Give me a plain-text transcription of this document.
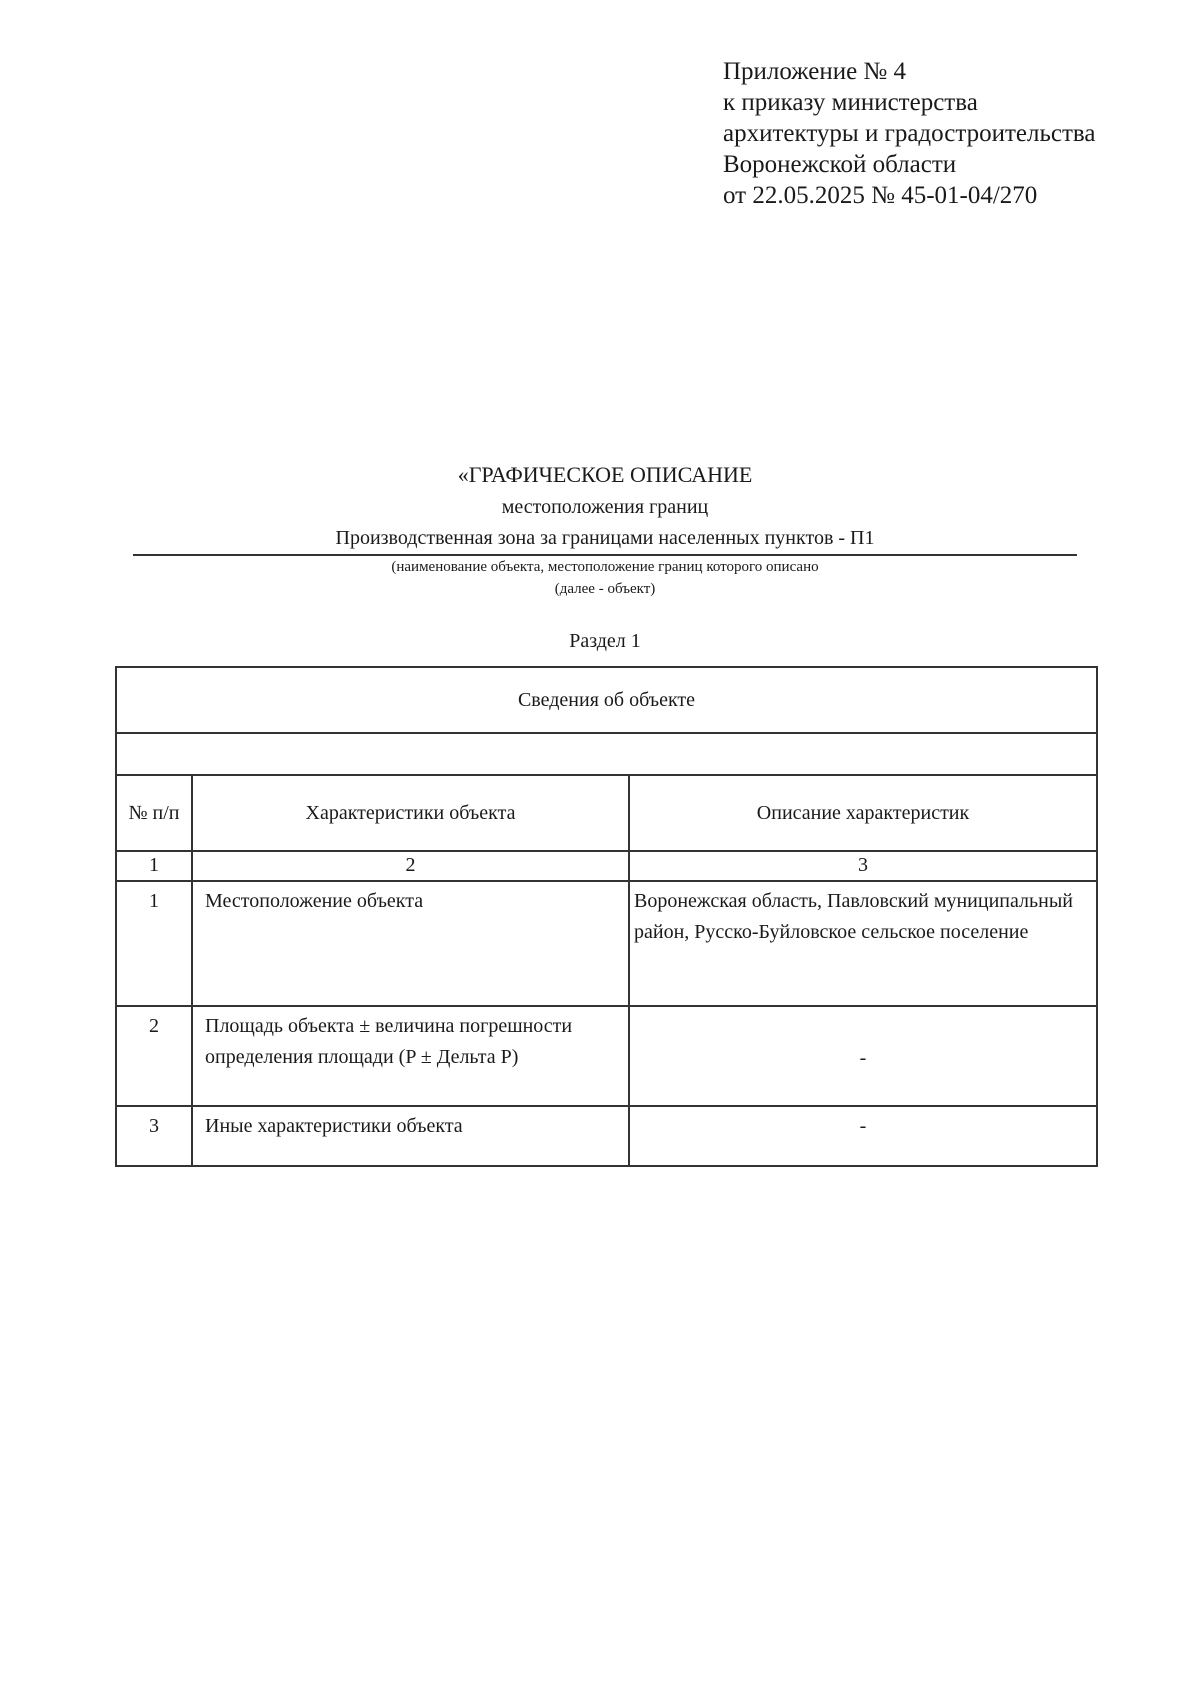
Приложение № 4
к приказу министерства
архитектуры и градостроительства
Воронежской области
от 22.05.2025 № 45-01-04/270
«ГРАФИЧЕСКОЕ ОПИСАНИЕ
местоположения границ
Производственная зона за границами населенных пунктов - П1
(наименование объекта, местоположение границ которого описано
(далее - объект)
Раздел 1
Сведения об объекте		

№ п/п	Характеристики объекта	Описание характеристик
1	2	3
1	Местоположение объекта	Воронежская область, Павловский муниципальный район, Русско-Буйловское сельское поселение
2	Площадь объекта ± величина погрешности определения площади (P ± Дельта P)	-
3	Иные характеристики объекта	-
